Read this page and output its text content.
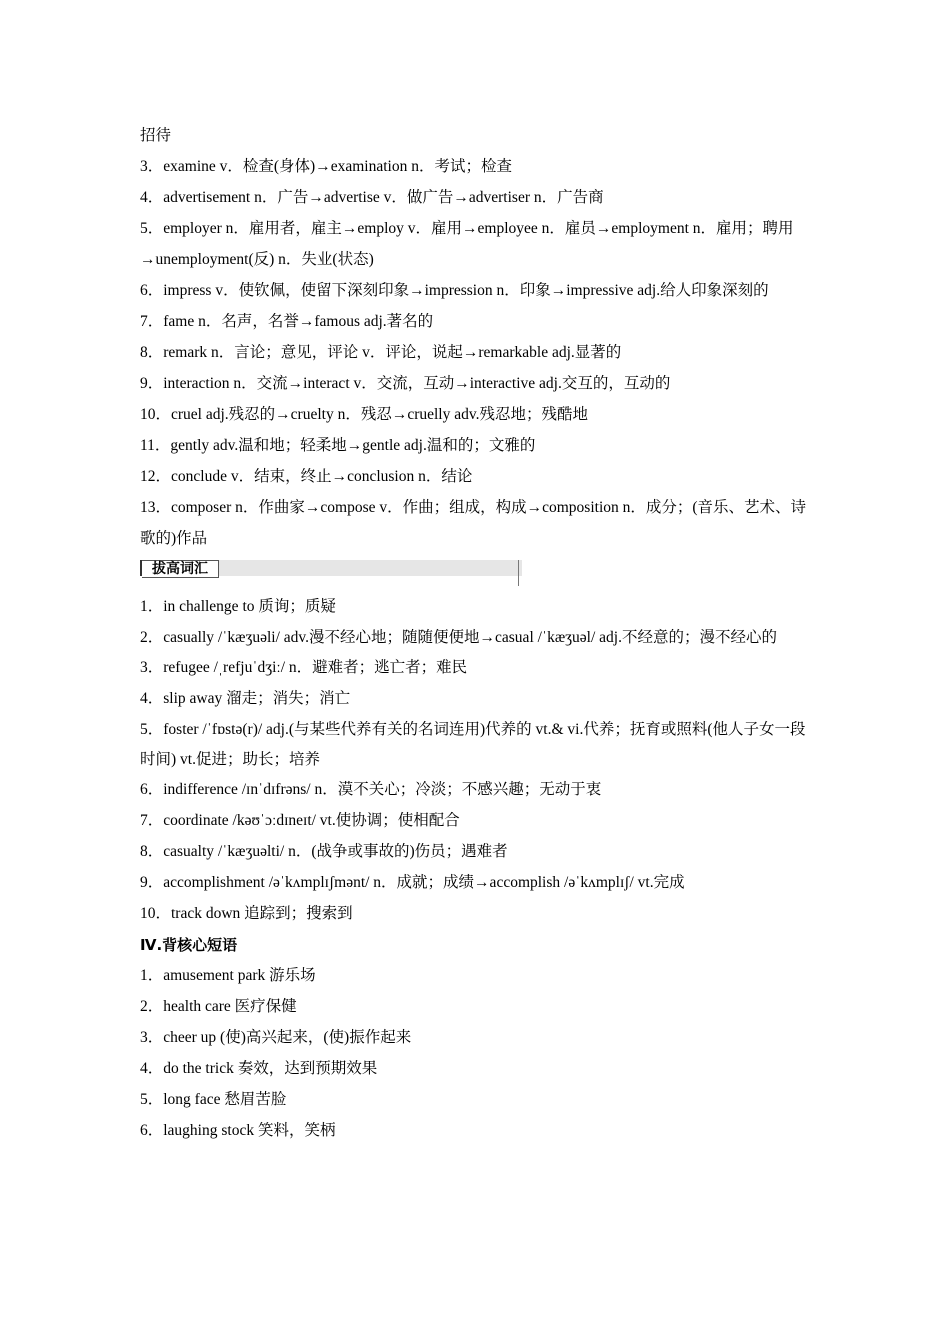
招待
3．examine v．检查(身体)→examination n．考试；检查
4．advertisement n．广告→advertise v．做广告→advertiser n．广告商
5．employer n．雇用者，雇主→employ v．雇用→employee n．雇员→employment n．雇用；聘用→unemployment(反) n．失业(状态)
6．impress v．使钦佩，使留下深刻印象→impression n．印象→impressive adj.给人印象深刻的
7．fame n．名声，名誉→famous adj.著名的
8．remark n．言论；意见，评论 v．评论，说起→remarkable adj.显著的
9．interaction n．交流→interact v．交流，互动→interactive adj.交互的，互动的
10．cruel adj.残忍的→cruelty n．残忍→cruelly adv.残忍地；残酷地
11．gently adv.温和地；轻柔地→gentle adj.温和的；文雅的
12．conclude v．结束，终止→conclusion n．结论
13．composer n．作曲家→compose v．作曲；组成，构成→composition n．成分；(音乐、艺术、诗歌的)作品
拔高词汇
1．in challenge to 质询；质疑
2．casually /ˈkæʒuəli/ adv.漫不经心地；随随便便地→casual /ˈkæʒuəl/ adj.不经意的；漫不经心的
3．refugee /ˌrefjuˈdʒiː/ n．避难者；逃亡者；难民
4．slip away 溜走；消失；消亡
5．foster /ˈfɒstə(r)/ adj.(与某些代养有关的名词连用)代养的 vt.& vi.代养；抚育或照料(他人子女一段时间) vt.促进；助长；培养
6．indifference /ɪnˈdɪfrəns/ n．漠不关心；冷淡；不感兴趣；无动于衷
7．coordinate /kəʊˈɔːdɪneɪt/ vt.使协调；使相配合
8．casualty /ˈkæʒuəlti/ n．(战争或事故的)伤员；遇难者
9．accomplishment /əˈkʌmplɪʃmənt/ n．成就；成绩→accomplish /əˈkʌmplɪʃ/ vt.完成
10．track down 追踪到；搜索到
Ⅳ.背核心短语
1．amusement park 游乐场
2．health care 医疗保健
3．cheer up (使)高兴起来，(使)振作起来
4．do the trick 奏效，达到预期效果
5．long face 愁眉苦脸
6．laughing stock 笑料，笑柄
